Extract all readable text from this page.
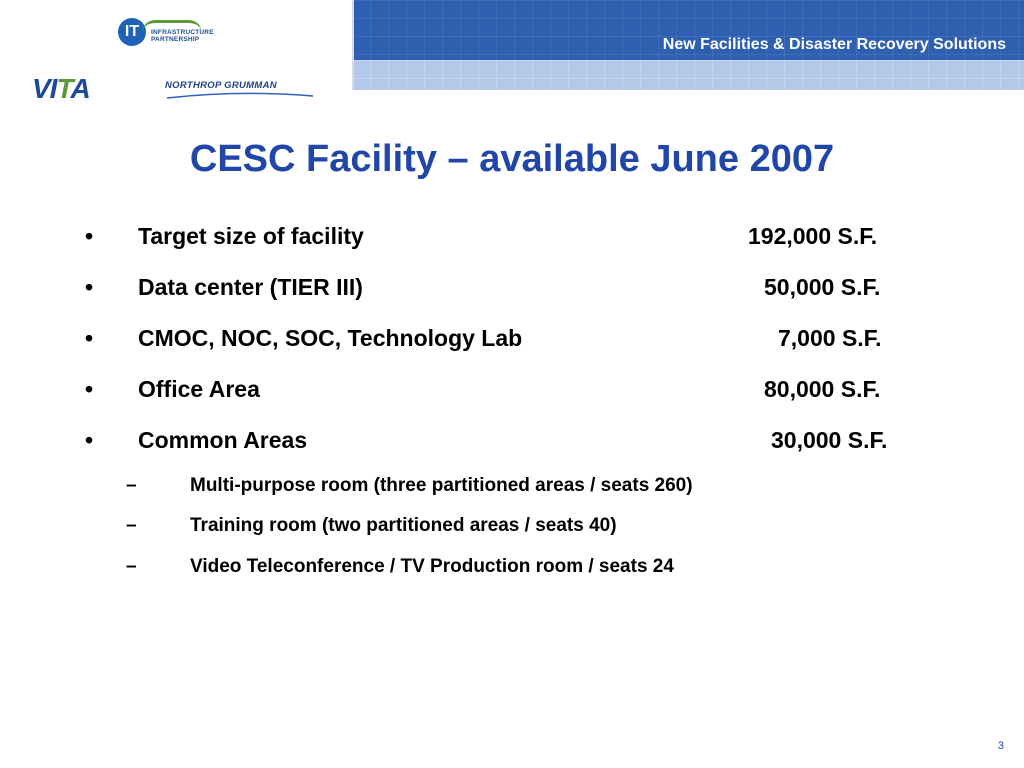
New Facilities & Disaster Recovery Solutions
IT	INFRASTRUCTURE
PARTNERSHIP
VITA	NORTHROP GRUMMAN
CESC Facility – available June 2007
• Target size of facility	192,000 S.F.
• Data center (TIER III)	50,000 S.F.
• CMOC, NOC, SOC, Technology Lab	7,000 S.F.
• Office Area	80,000 S.F.
• Common Areas	30,000 S.F.
–	Multi-purpose room (three partitioned areas / seats 260)
–	Training room (two partitioned areas / seats 40)
–	Video Teleconference / TV Production room / seats 24
3
